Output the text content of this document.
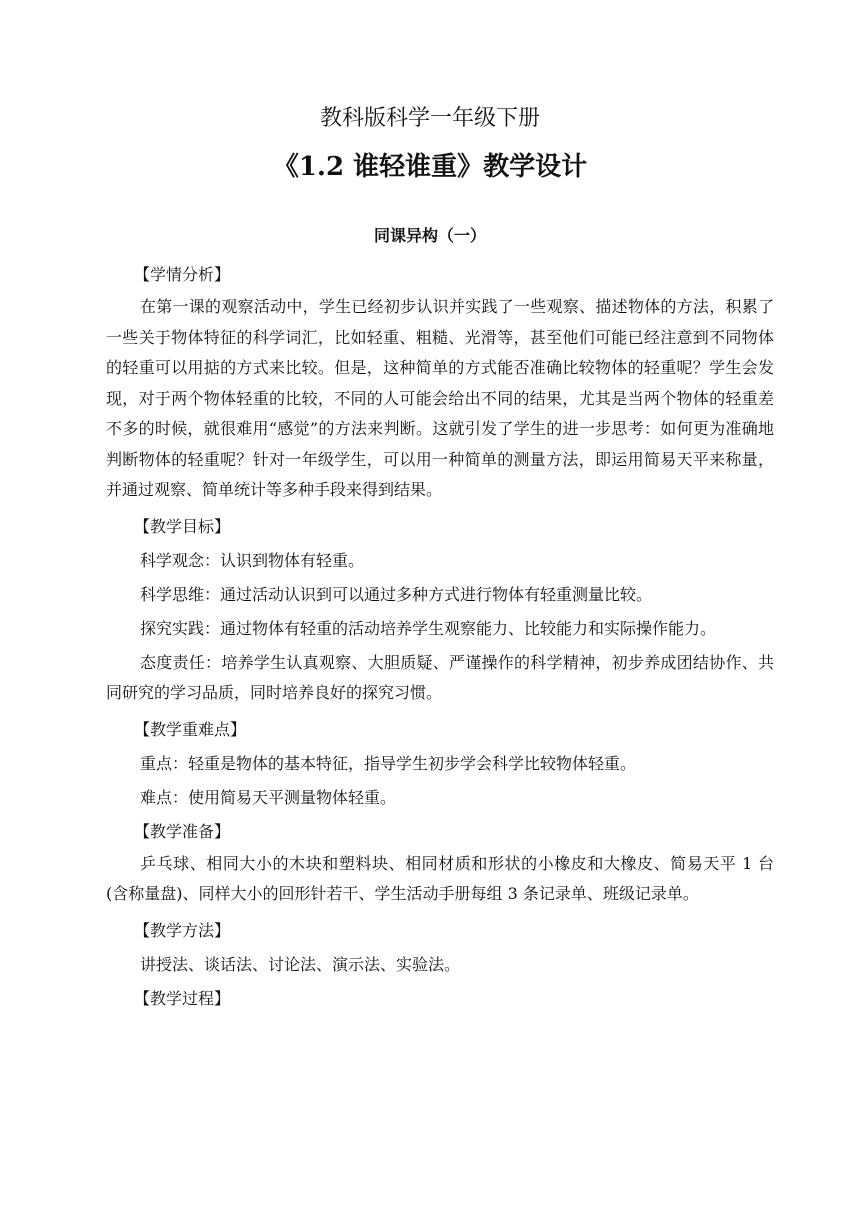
教科版科学一年级下册
《1.2 谁轻谁重》教学设计
同课异构（一）

【学情分析】

在第一课的观察活动中，学生已经初步认识并实践了一些观察、描述物体的方法，积累了一些关于物体特征的科学词汇，比如轻重、粗糙、光滑等，甚至他们可能已经注意到不同物体的轻重可以用掂的方式来比较。但是，这种简单的方式能否准确比较物体的轻重呢？学生会发现，对于两个物体轻重的比较，不同的人可能会给出不同的结果，尤其是当两个物体的轻重差不多的时候，就很难用“感觉”的方法来判断。这就引发了学生的进一步思考：如何更为准确地判断物体的轻重呢？针对一年级学生，可以用一种简单的测量方法，即运用简易天平来称量，并通过观察、简单统计等多种手段来得到结果。

【教学目标】

科学观念：认识到物体有轻重。

科学思维：通过活动认识到可以通过多种方式进行物体有轻重测量比较。

探究实践：通过物体有轻重的活动培养学生观察能力、比较能力和实际操作能力。

态度责任：培养学生认真观察、大胆质疑、严谨操作的科学精神，初步养成团结协作、共同研究的学习品质，同时培养良好的探究习惯。

【教学重难点】

重点：轻重是物体的基本特征，指导学生初步学会科学比较物体轻重。

难点：使用简易天平测量物体轻重。

【教学准备】

乒乓球、相同大小的木块和塑料块、相同材质和形状的小橡皮和大橡皮、简易天平 1 台(含称量盘)、同样大小的回形针若干、学生活动手册每组 3 条记录单、班级记录单。

【教学方法】

讲授法、谈话法、讨论法、演示法、实验法。

【教学过程】
